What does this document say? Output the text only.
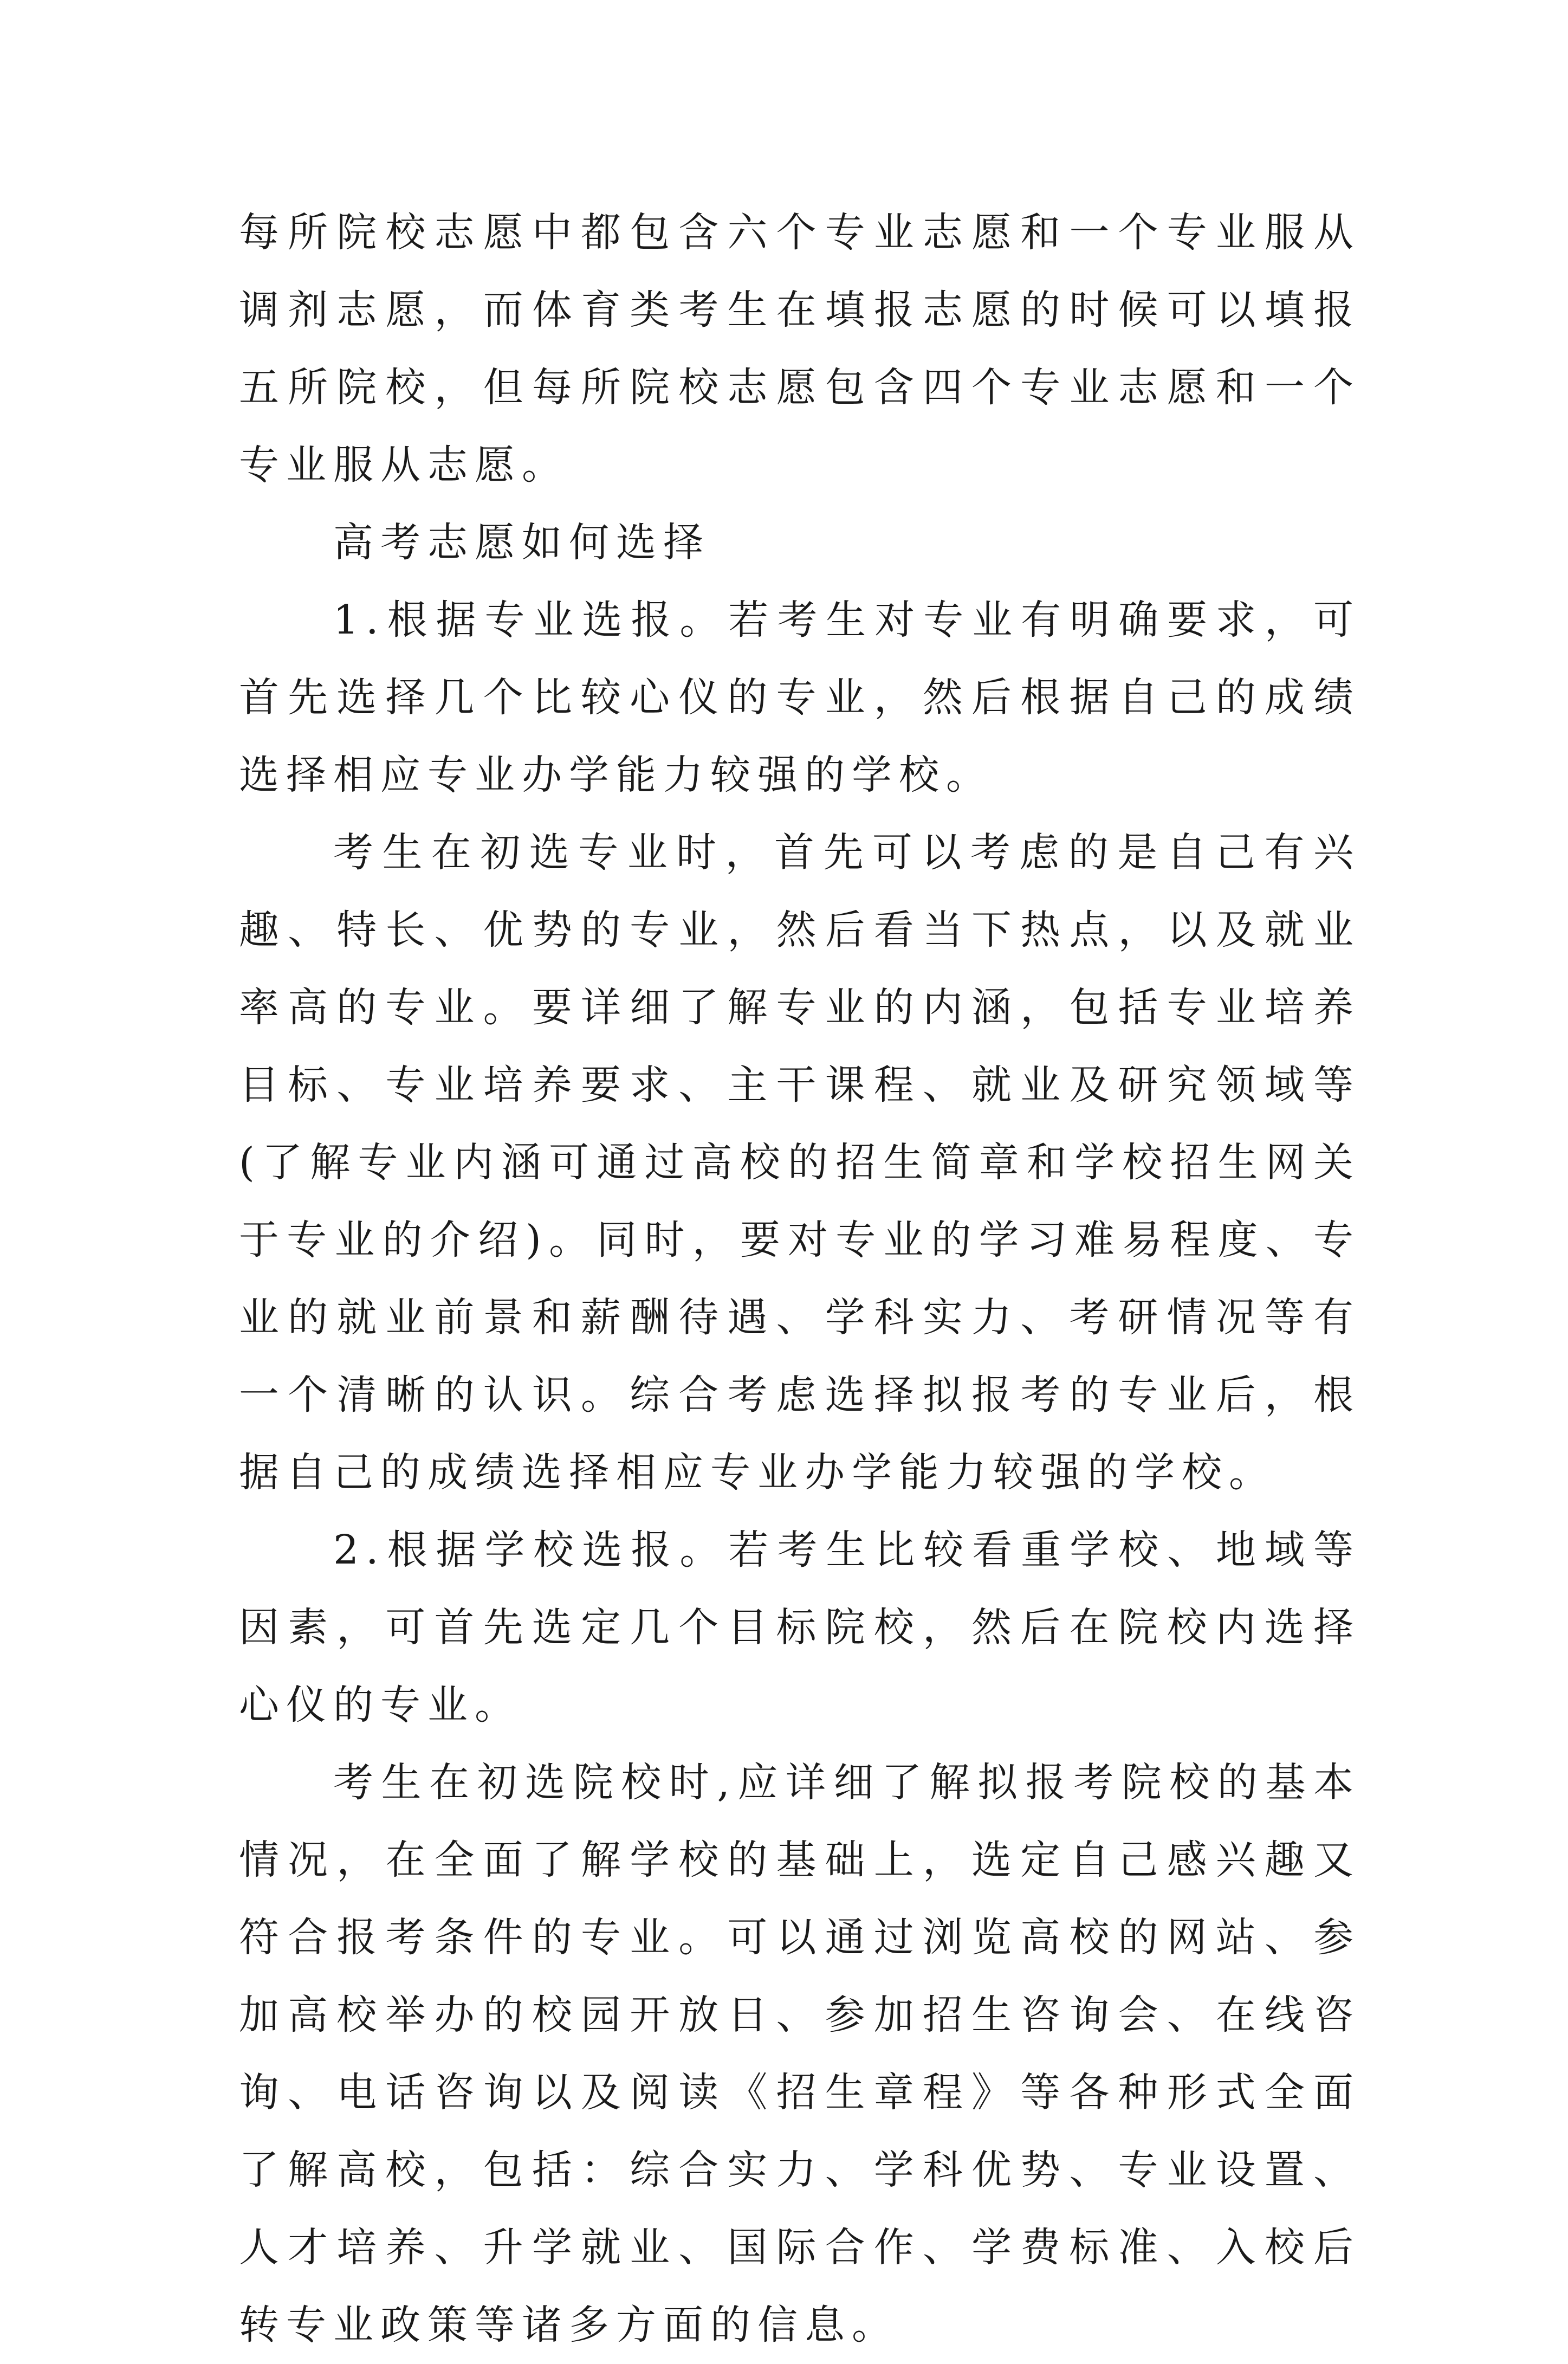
每所院校志愿中都包含六个专业志愿和一个专业服从调剂志愿，而体育类考生在填报志愿的时候可以填报五所院校，但每所院校志愿包含四个专业志愿和一个专业服从志愿。

高考志愿如何选择

1.根据专业选报。若考生对专业有明确要求，可首先选择几个比较心仪的专业，然后根据自己的成绩选择相应专业办学能力较强的学校。

考生在初选专业时，首先可以考虑的是自己有兴趣、特长、优势的专业，然后看当下热点，以及就业率高的专业。要详细了解专业的内涵，包括专业培养目标、专业培养要求、主干课程、就业及研究领域等(了解专业内涵可通过高校的招生简章和学校招生网关于专业的介绍)。同时，要对专业的学习难易程度、专业的就业前景和薪酬待遇、学科实力、考研情况等有一个清晰的认识。综合考虑选择拟报考的专业后，根据自己的成绩选择相应专业办学能力较强的学校。

2.根据学校选报。若考生比较看重学校、地域等因素，可首先选定几个目标院校，然后在院校内选择心仪的专业。

考生在初选院校时,应详细了解拟报考院校的基本情况，在全面了解学校的基础上，选定自己感兴趣又符合报考条件的专业。可以通过浏览高校的网站、参加高校举办的校园开放日、参加招生咨询会、在线咨询、电话咨询以及阅读《招生章程》等各种形式全面了解高校，包括：综合实力、学科优势、专业设置、人才培养、升学就业、国际合作、学费标准、入校后转专业政策等诸多方面的信息。
